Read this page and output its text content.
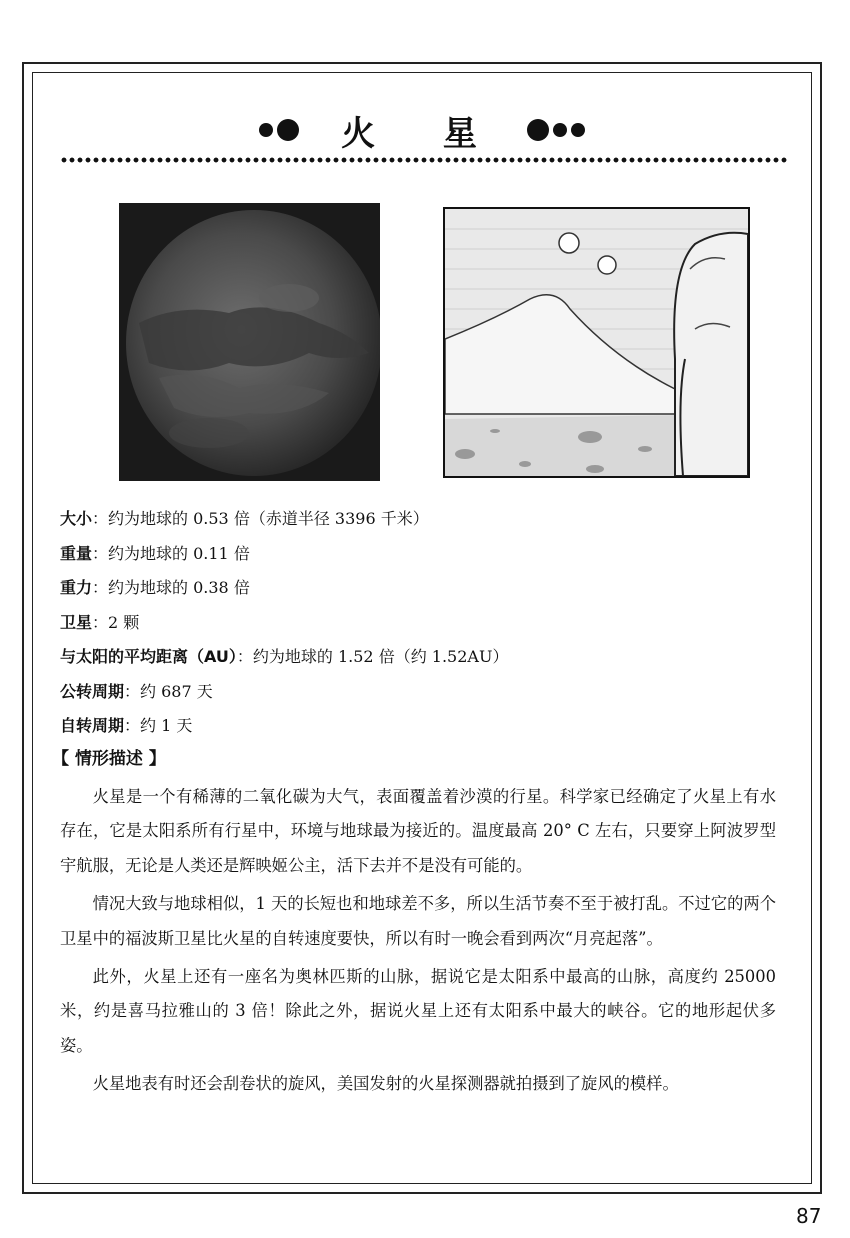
火 星
大小：约为地球的 0.53 倍（赤道半径 3396 千米）
重量：约为地球的 0.11 倍
重力：约为地球的 0.38 倍
卫星：2 颗
与太阳的平均距离（AU）：约为地球的 1.52 倍（约 1.52AU）
公转周期：约 687 天
自转周期：约 1 天
【 情形描述 】

火星是一个有稀薄的二氧化碳为大气，表面覆盖着沙漠的行星。科学家已经确定了火星上有水存在，它是太阳系所有行星中，环境与地球最为接近的。温度最高 20° C 左右，只要穿上阿波罗型宇航服，无论是人类还是辉映姬公主，活下去并不是没有可能的。

情况大致与地球相似，1 天的长短也和地球差不多，所以生活节奏不至于被打乱。不过它的两个卫星中的福波斯卫星比火星的自转速度要快，所以有时一晚会看到两次“月亮起落”。

此外，火星上还有一座名为奥林匹斯的山脉，据说它是太阳系中最高的山脉，高度约 25000 米，约是喜马拉雅山的 3 倍！除此之外，据说火星上还有太阳系中最大的峡谷。它的地形起伏多姿。

火星地表有时还会刮卷状的旋风，美国发射的火星探测器就拍摄到了旋风的模样。

87
